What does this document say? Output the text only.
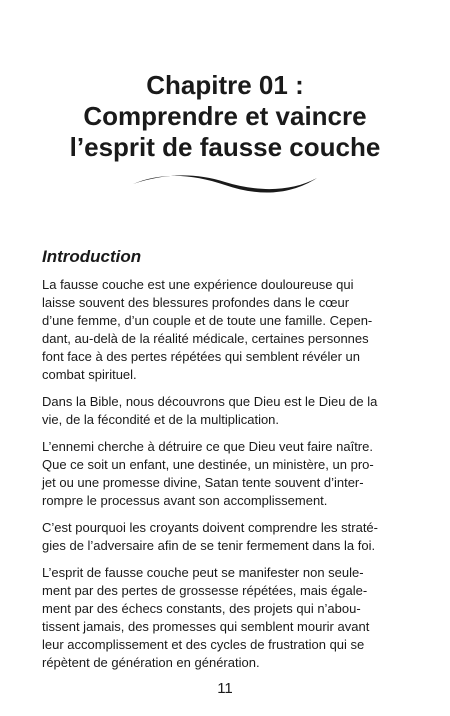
Chapitre 01 :
Comprendre et vaincre
l’esprit de fausse couche
Introduction

La fausse couche est une expérience douloureuse qui
laisse souvent des blessures profondes dans le cœur
d’une femme, d’un couple et de toute une famille. Cepen-
dant, au-delà de la réalité médicale, certaines personnes
font face à des pertes répétées qui semblent révéler un
combat spirituel.

Dans la Bible, nous découvrons que Dieu est le Dieu de la
vie, de la fécondité et de la multiplication.

L’ennemi cherche à détruire ce que Dieu veut faire naître.
Que ce soit un enfant, une destinée, un ministère, un pro-
jet ou une promesse divine, Satan tente souvent d’inter-
rompre le processus avant son accomplissement.

C’est pourquoi les croyants doivent comprendre les straté-
gies de l’adversaire afin de se tenir fermement dans la foi.

L’esprit de fausse couche peut se manifester non seule-
ment par des pertes de grossesse répétées, mais égale-
ment par des échecs constants, des projets qui n’abou-
tissent jamais, des promesses qui semblent mourir avant
leur accomplissement et des cycles de frustration qui se
répètent de génération en génération.

11
